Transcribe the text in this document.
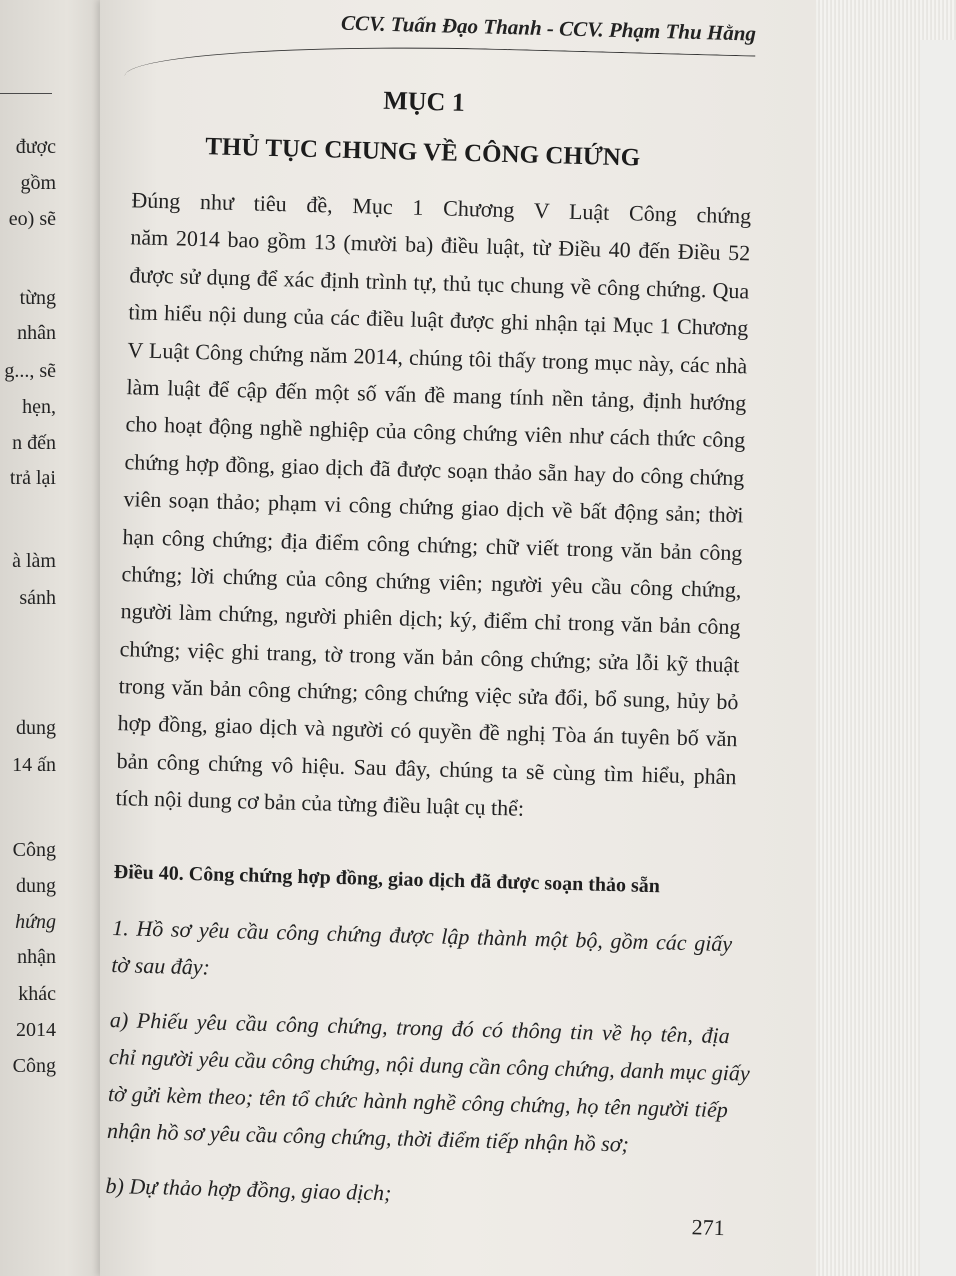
được
gồm
eo) sẽ
từng
nhân
g..., sẽ
hẹn,
n đến
trả lại
à làm
sánh
dung
14 ấn
Công
dung
hứng
nhận
khác
2014
Công
CCV. Tuấn Đạo Thanh - CCV. Phạm Thu Hằng
MỤC 1
THỦ TỤC CHUNG VỀ CÔNG CHỨNG
Đúng như tiêu đề, Mục 1 Chương V Luật Công chứng
năm 2014 bao gồm 13 (mười ba) điều luật, từ Điều 40 đến Điều 52
được sử dụng để xác định trình tự, thủ tục chung về công chứng. Qua
tìm hiểu nội dung của các điều luật được ghi nhận tại Mục 1 Chương
V Luật Công chứng năm 2014, chúng tôi thấy trong mục này, các nhà
làm luật để cập đến một số vấn đề mang tính nền tảng, định hướng
cho hoạt động nghề nghiệp của công chứng viên như cách thức công
chứng hợp đồng, giao dịch đã được soạn thảo sẵn hay do công chứng
viên soạn thảo; phạm vi công chứng giao dịch về bất động sản; thời
hạn công chứng; địa điểm công chứng; chữ viết trong văn bản công
chứng; lời chứng của công chứng viên; người yêu cầu công chứng,
người làm chứng, người phiên dịch; ký, điểm chỉ trong văn bản công
chứng; việc ghi trang, tờ trong văn bản công chứng; sửa lỗi kỹ thuật
trong văn bản công chứng; công chứng việc sửa đổi, bổ sung, hủy bỏ
hợp đồng, giao dịch và người có quyền đề nghị Tòa án tuyên bố văn
bản công chứng vô hiệu. Sau đây, chúng ta sẽ cùng tìm hiểu, phân
tích nội dung cơ bản của từng điều luật cụ thể:
Điều 40. Công chứng hợp đồng, giao dịch đã được soạn thảo sẵn
1. Hồ sơ yêu cầu công chứng được lập thành một bộ, gồm các giấy
tờ sau đây:
a) Phiếu yêu cầu công chứng, trong đó có thông tin về họ tên, địa
chỉ người yêu cầu công chứng, nội dung cần công chứng, danh mục giấy
tờ gửi kèm theo; tên tổ chức hành nghề công chứng, họ tên người tiếp
nhận hồ sơ yêu cầu công chứng, thời điểm tiếp nhận hồ sơ;
b) Dự thảo hợp đồng, giao dịch;
271
